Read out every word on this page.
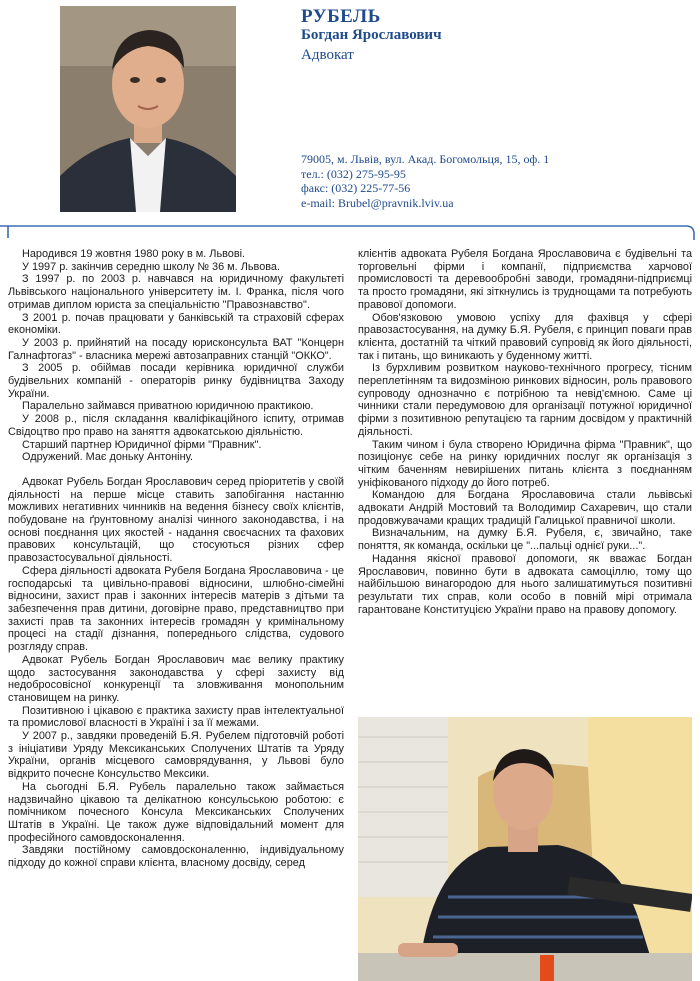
РУБЕЛЬ
Богдан Ярославович
Адвокат
79005, м. Львів, вул. Акад. Богомольця, 15, оф. 1
тел.: (032) 275-95-95
факс: (032) 225-77-56
e-mail: Brubel@pravnik.lviv.ua

Народився 19 жовтня 1980 року в м. Львові.

У 1997 р. закінчив середню школу № 36 м. Львова.

З 1997 р. по 2003 р. навчався на юридичному факультеті Львівського національного університету ім. І. Франка, після чого отримав диплом юриста за спеціальністю "Правознавство".

З 2001 р. почав працювати у банківській та страховій сферах економіки.

У 2003 р. прийнятий на посаду юрисконсульта ВАТ "Концерн Галнафтогаз" - власника мережі автозаправних станцій "ОККО".

З 2005 р. обіймав посади керівника юридичної служби будівельних компаній - операторів ринку будівництва Заходу України.

Паралельно займався приватною юридичною практикою.

У 2008 р., після складання кваліфікаційного іспиту, отримав Свідоцтво про право на заняття адвокатською діяльністю.

Старший партнер Юридичної фірми "Правник".

Одружений. Має доньку Антоніну.

Адвокат Рубель Богдан Ярославович серед пріоритетів у своїй діяльності на перше місце ставить запобігання настанню можливих негативних чинників на ведення бізнесу своїх клієнтів, побудоване на ґрунтовному аналізі чинного законодавства, і на основі поєднання цих якостей - надання своєчасних та фахових правових консультацій, що стосуються різних сфер правозастосувальної діяльності.

Сфера діяльності адвоката Рубеля Богдана Ярославовича - це господарські та цивільно-правові відносини, шлюбно-сімейні відносини, захист прав і законних інтересів матерів з дітьми та забезпечення прав дитини, договірне право, представництво при захисті прав та законних інтересів громадян у кримінальному процесі на стадії дізнання, попереднього слідства, судового розгляду справ.

Адвокат Рубель Богдан Ярославович має велику практику щодо застосування законодавства у сфері захисту від недобросовісної конкуренції та зловживання монопольним становищем на ринку.

Позитивною і цікавою є практика захисту прав інтелектуальної та промислової власності в Україні і за її межами.

У 2007 р., завдяки проведеній Б.Я. Рубелем підготовчій роботі з ініціативи Уряду Мексиканських Сполучених Штатів та Уряду України, органів місцевого самоврядування, у Львові було відкрито почесне Консульство Мексики.

На сьогодні Б.Я. Рубель паралельно також займається надзвичайно цікавою та делікатною консульською роботою: є помічником почесного Консула Мексиканських Сполучених Штатів в Україні. Це також дуже відповідальний момент для професійного самовдосконалення.

Завдяки постійному самовдосконаленню, індивідуальному підходу до кожної справи клієнта, власному досвіду, серед

клієнтів адвоката Рубеля Богдана Ярославовича є будівельні та торговельні фірми і компанії, підприємства харчової промисловості та деревообробні заводи, громадяни-підприємці та просто громадяни, які зіткнулись із труднощами та потребують правової допомоги.

Обов'язковою умовою успіху для фахівця у сфері правозастосування, на думку Б.Я. Рубеля, є принцип поваги прав клієнта, достатній та чіткий правовий супровід як його діяльності, так і питань, що виникають у буденному житті.

Із бурхливим розвитком науково-технічного прогресу, тісним переплетінням та видозміною ринкових відносин, роль правового супроводу однозначно є потрібною та невід'ємною. Саме ці чинники стали передумовою для організації потужної юридичної фірми з позитивною репутацією та гарним досвідом у практичній діяльності.

Таким чином і була створено Юридична фірма "Правник", що позиціонує себе на ринку юридичних послуг як організація з чітким баченням невирішених питань клієнта з поєднанням уніфікованого підходу до його потреб.

Командою для Богдана Ярославовича стали львівські адвокати Андрій Мостовий та Володимир Сахаревич, що стали продовжувачами кращих традицій Галицької правничої школи.

Визначальним, на думку Б.Я. Рубеля, є, звичайно, таке поняття, як команда, оскільки це "...пальці однієї руки...".

Надання якісної правової допомоги, як вважає Богдан Ярославович, повинно бути в адвоката самоціллю, тому що найбільшою винагородою для нього залишатимуться позитивні результати тих справ, коли особо в повній мірі отримала гарантоване Конституцією України право на правову допомогу.
